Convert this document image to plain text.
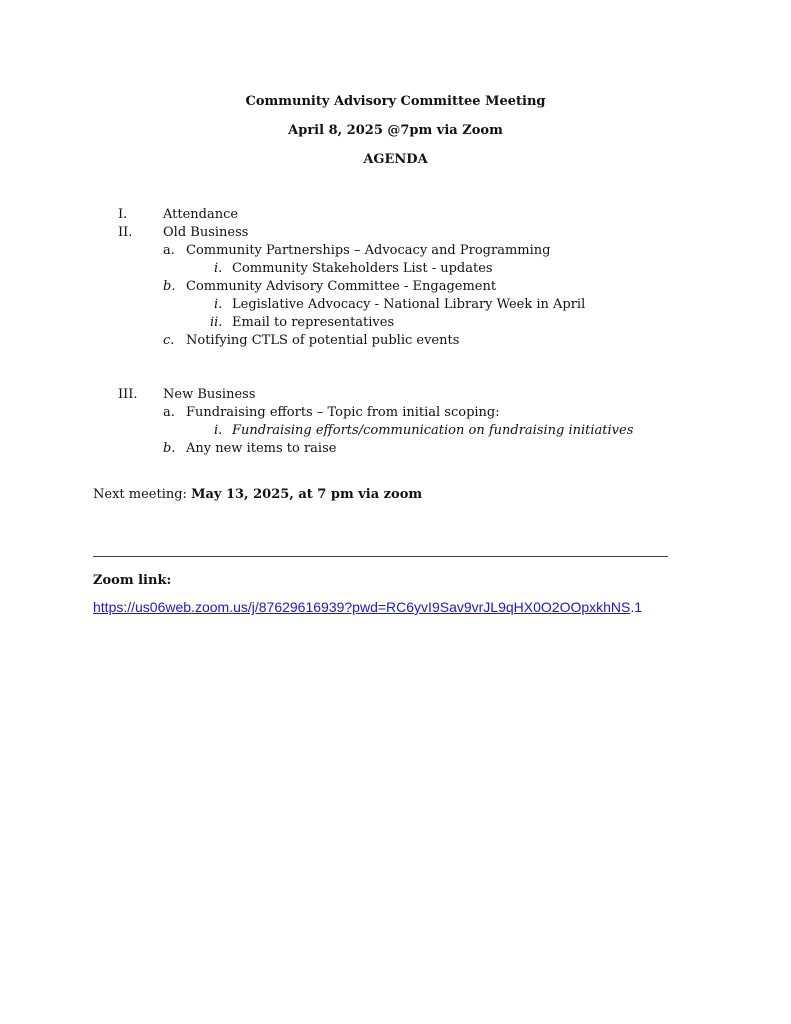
Community Advisory Committee Meeting
April 8, 2025 @7pm via Zoom
AGENDA
I.	Attendance
II. Old Business
a. Community Partnerships – Advocacy and Programming
i. Community Stakeholders List - updates
b. Community Advisory Committee - Engagement
i. Legislative Advocacy - National Library Week in April
ii. Email to representatives
c. Notifying CTLS of potential public events
III. New Business
a. Fundraising efforts – Topic from initial scoping:
i. Fundraising efforts/communication on fundraising initiatives
b. Any new items to raise
Next meeting: May 13, 2025, at 7 pm via zoom
Zoom link:
https://us06web.zoom.us/j/87629616939?pwd=RC6yvI9Sav9vrJL9qHX0O2OOpxkhNS.1
